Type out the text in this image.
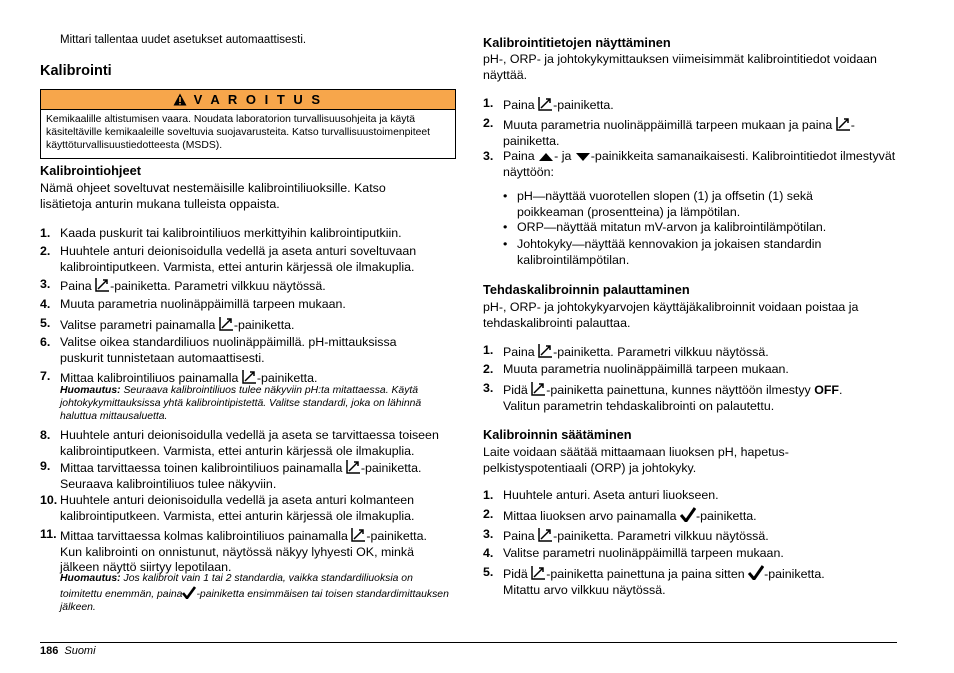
Mittari tallentaa uudet asetukset automaattisesti.
Kalibrointi
V A R O I T U S
Kemikaalille altistumisen vaara. Noudata laboratorion turvallisuusohjeita ja käytä käsiteltäville kemikaaleille soveltuvia suojavarusteita. Katso turvallisuustoimenpiteet käyttöturvallisuustiedotteesta (MSDS).
Kalibrointiohjeet
Nämä ohjeet soveltuvat nestemäisille kalibrointiliuoksille. Katso lisätietoja anturin mukana tulleista oppaista.
1. Kaada puskurit tai kalibrointiliuos merkittyihin kalibrointiputkiin.
2. Huuhtele anturi deionisoidulla vedellä ja aseta anturi soveltuvaan kalibrointiputkeen. Varmista, ettei anturin kärjessä ole ilmakuplia.
3. Paina -painiketta. Parametri vilkkuu näytössä.
4. Muuta parametria nuolinäppäimillä tarpeen mukaan.
5. Valitse parametri painamalla -painiketta.
6. Valitse oikea standardiliuos nuolinäppäimillä. pH-mittauksissa puskurit tunnistetaan automaattisesti.
7. Mittaa kalibrointiliuos painamalla -painiketta.
Huomautus: Seuraava kalibrointiliuos tulee näkyviin pH:ta mitattaessa. Käytä johtokykymittauksissa yhtä kalibrointipistettä. Valitse standardi, joka on lähinnä haluttua mittausaluetta.
8. Huuhtele anturi deionisoidulla vedellä ja aseta se tarvittaessa toiseen kalibrointiputkeen. Varmista, ettei anturin kärjessä ole ilmakuplia.
9. Mittaa tarvittaessa toinen kalibrointiliuos painamalla -painiketta.
Seuraava kalibrointiliuos tulee näkyviin.
10. Huuhtele anturi deionisoidulla vedellä ja aseta anturi kolmanteen kalibrointiputkeen. Varmista, ettei anturin kärjessä ole ilmakuplia.
11. Mittaa tarvittaessa kolmas kalibrointiliuos painamalla -painiketta.
Kun kalibrointi on onnistunut, näytössä näkyy lyhyesti OK, minkä jälkeen näyttö siirtyy lepotilaan.
Huomautus: Jos kalibroit vain 1 tai 2 standardia, vaikka standardiliuoksia on toimitettu enemmän, paina -painiketta ensimmäisen tai toisen standardimittauksen jälkeen.
Kalibrointitietojen näyttäminen
pH-, ORP- ja johtokykymittauksen viimeisimmät kalibrointitiedot voidaan näyttää.
1. Paina -painiketta.
2. Muuta parametria nuolinäppäimillä tarpeen mukaan ja paina -painiketta.
3. Paina - ja -painikkeita samanaikaisesti. Kalibrointitiedot ilmestyvät näyttöön:
• pH—näyttää vuorotellen slopen (1) ja offsetin (1) sekä poikkeaman (prosentteina) ja lämpötilan.
• ORP—näyttää mitatun mV-arvon ja kalibrointilämpötilan.
• Johtokyky—näyttää kennovakion ja jokaisen standardin kalibrointilämpötilan.
Tehdaskalibroinnin palauttaminen
pH-, ORP- ja johtokykyarvojen käyttäjäkalibroinnit voidaan poistaa ja tehdaskalibrointi palauttaa.
1. Paina -painiketta. Parametri vilkkuu näytössä.
2. Muuta parametria nuolinäppäimillä tarpeen mukaan.
3. Pidä -painiketta painettuna, kunnes näyttöön ilmestyy OFF.
Valitun parametrin tehdaskalibrointi on palautettu.
Kalibroinnin säätäminen
Laite voidaan säätää mittaamaan liuoksen pH, hapetus-pelkistyspotentiaali (ORP) ja johtokyky.
1. Huuhtele anturi. Aseta anturi liuokseen.
2. Mittaa liuoksen arvo painamalla -painiketta.
3. Paina -painiketta. Parametri vilkkuu näytössä.
4. Valitse parametri nuolinäppäimillä tarpeen mukaan.
5. Pidä -painiketta painettuna ja paina sitten -painiketta.
Mitattu arvo vilkkuu näytössä.
186 Suomi
